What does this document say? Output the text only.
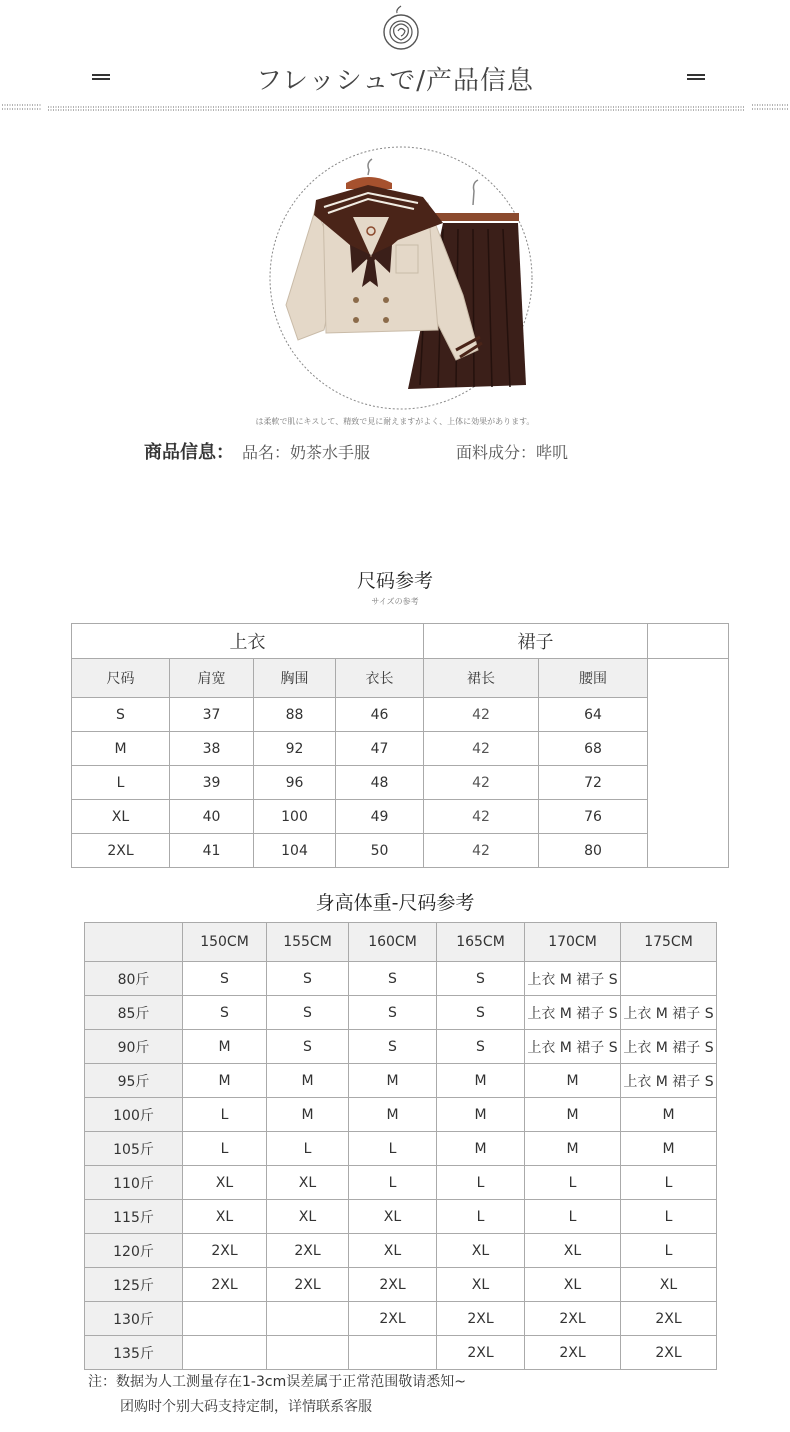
フレッシュで/产品信息
は柔軟で肌にキスして、精致で見に耐えますがよく、上体に効果があります。
商品信息： 品名：奶茶水手服	面料成分：哔叽
尺码参考
サイズの参考
上衣				裙子		
尺码	肩宽	胸围	衣长	裙长	腰围	
S	37	88	46	42	64	
M	38	92	47	42	68	
L	39	96	48	42	72	
XL	40	100	49	42	76	
2XL	41	104	50	42	80	
身高体重-尺码参考
	150CM	155CM	160CM	165CM	170CM	175CM
80斤	S	S	S	S	上衣 M 裙子 S	
85斤	S	S	S	S	上衣 M 裙子 S	上衣 M 裙子 S
90斤	M	S	S	S	上衣 M 裙子 S	上衣 M 裙子 S
95斤	M	M	M	M	M	上衣 M 裙子 S
100斤	L	M	M	M	M	M
105斤	L	L	L	M	M	M
110斤	XL	XL	L	L	L	L
115斤	XL	XL	XL	L	L	L
120斤	2XL	2XL	XL	XL	XL	L
125斤	2XL	2XL	2XL	XL	XL	XL
130斤			2XL	2XL	2XL	2XL
135斤				2XL	2XL	2XL
注：数据为人工测量存在1-3cm误差属于正常范围敬请悉知~
团购时个别大码支持定制，详情联系客服
